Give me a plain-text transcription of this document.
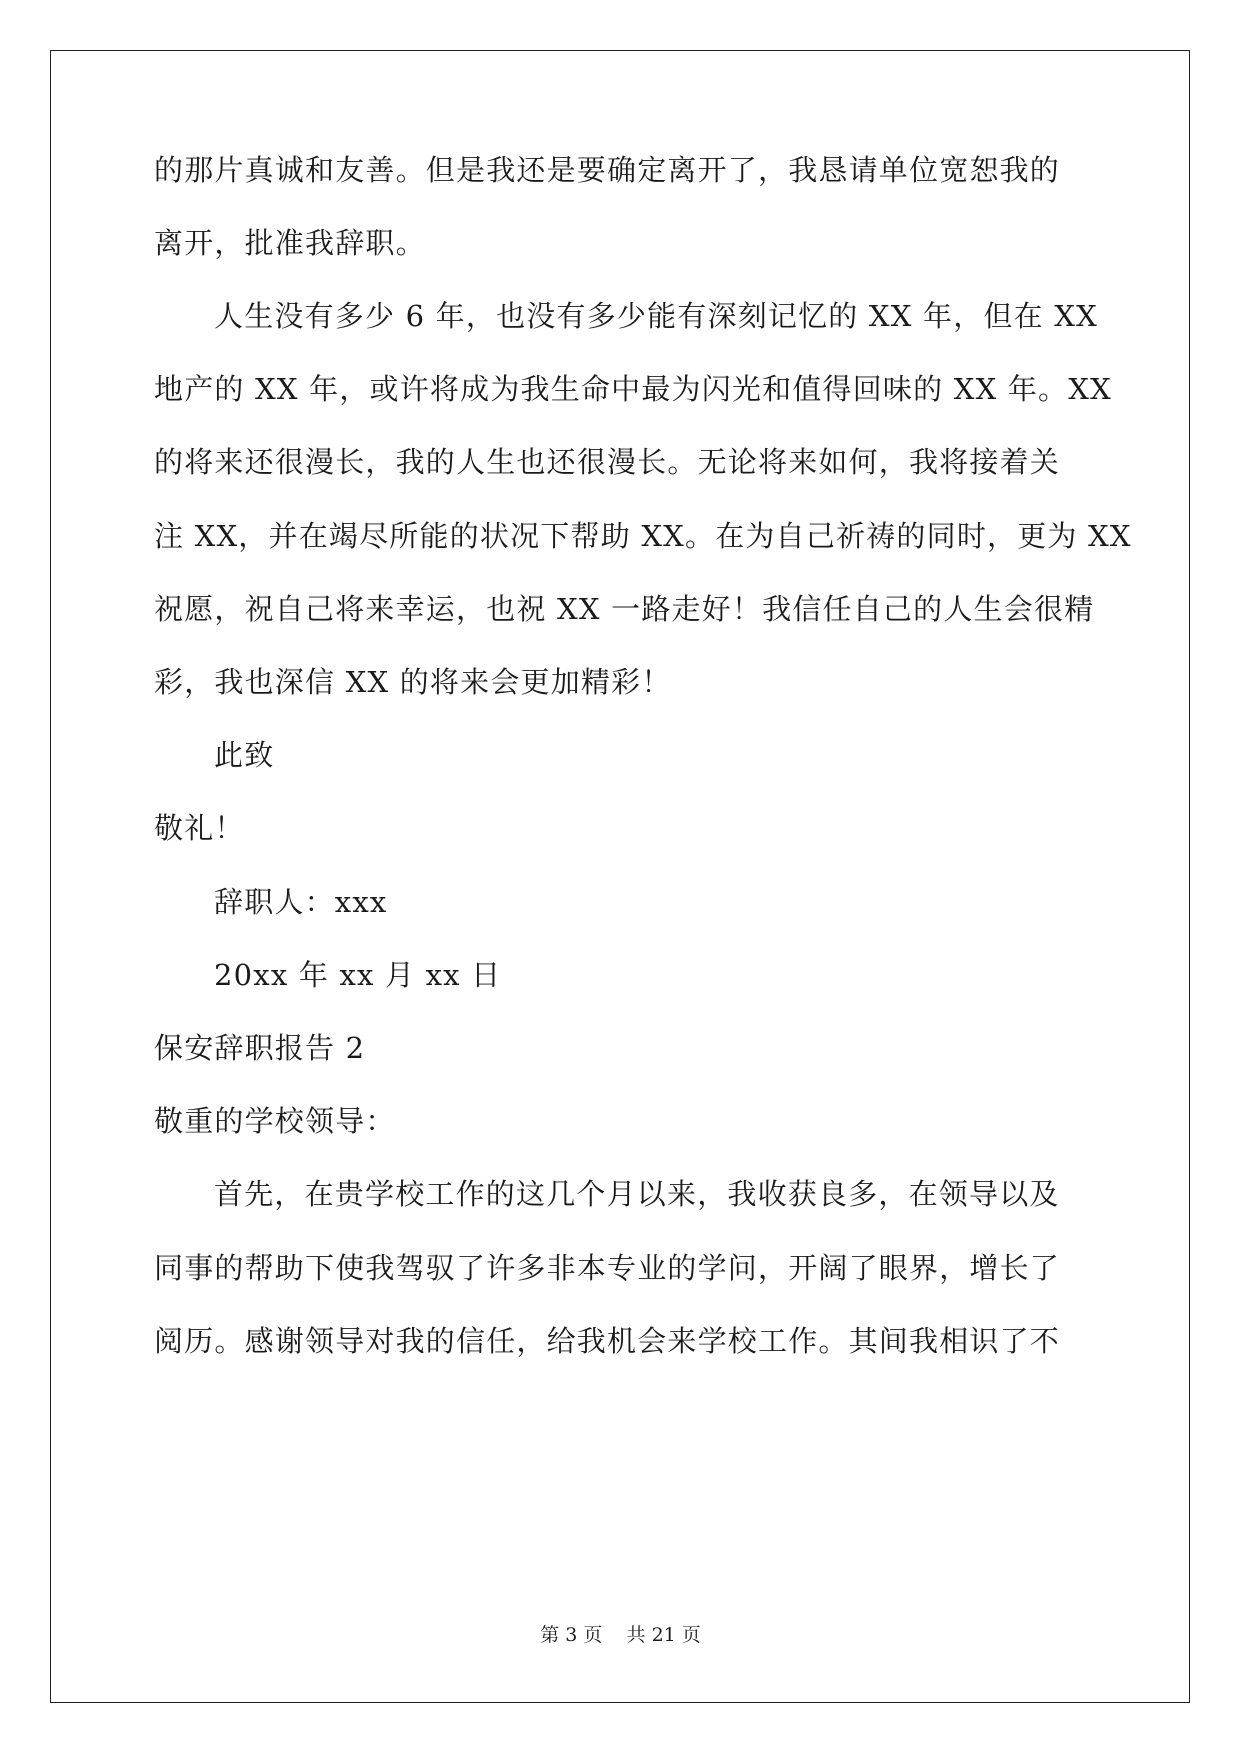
的那片真诚和友善。但是我还是要确定离开了，我恳请单位宽恕我的
离开，批准我辞职。
人生没有多少 6 年，也没有多少能有深刻记忆的 XX 年，但在 XX
地产的 XX 年，或许将成为我生命中最为闪光和值得回味的 XX 年。XX
的将来还很漫长，我的人生也还很漫长。无论将来如何，我将接着关
注 XX，并在竭尽所能的状况下帮助 XX。在为自己祈祷的同时，更为 XX
祝愿，祝自己将来幸运，也祝 XX 一路走好！我信任自己的人生会很精
彩，我也深信 XX 的将来会更加精彩！
此致
敬礼！
辞职人：xxx
20xx 年 xx 月 xx 日
保安辞职报告 2
敬重的学校领导：
首先，在贵学校工作的这几个月以来，我收获良多，在领导以及
同事的帮助下使我驾驭了许多非本专业的学问，开阔了眼界，增长了
阅历。感谢领导对我的信任，给我机会来学校工作。其间我相识了不
第 3 页    共 21 页
